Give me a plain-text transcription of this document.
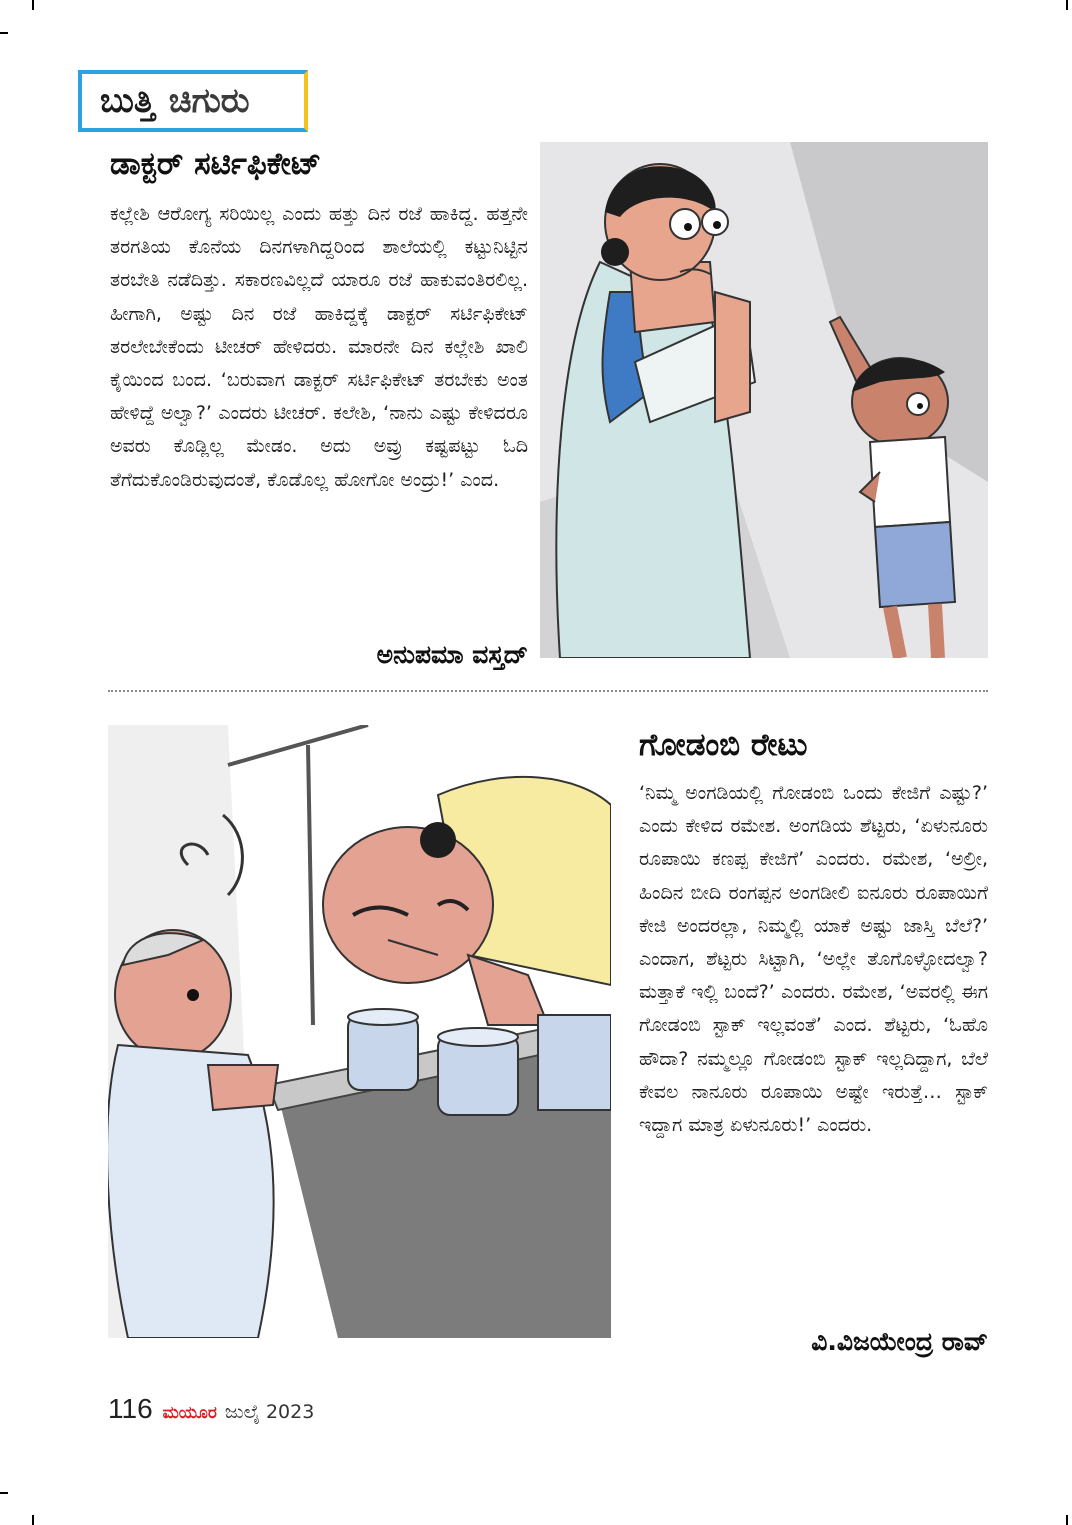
ಬುತ್ತಿ ಚಿಗುರು
ಡಾಕ್ಟರ್ ಸರ್ಟಿಫಿಕೇಟ್

ಕಲ್ಲೇಶಿ ಆರೋಗ್ಯ ಸರಿಯಿಲ್ಲ ಎಂದು ಹತ್ತು ದಿನ ರಜೆ ಹಾಕಿದ್ದ. ಹತ್ತನೇ ತರಗತಿಯ ಕೊನೆಯ ದಿನಗಳಾಗಿದ್ದರಿಂದ ಶಾಲೆಯಲ್ಲಿ ಕಟ್ಟುನಿಟ್ಟಿನ ತರಬೇತಿ ನಡೆದಿತ್ತು. ಸಕಾರಣವಿಲ್ಲದೆ ಯಾರೂ ರಜೆ ಹಾಕುವಂತಿರಲಿಲ್ಲ. ಹೀಗಾಗಿ, ಅಷ್ಟು ದಿನ ರಜೆ ಹಾಕಿದ್ದಕ್ಕೆ ಡಾಕ್ಟರ್ ಸರ್ಟಿಫಿಕೇಟ್ ತರಲೇಬೇಕೆಂದು ಟೀಚರ್ ಹೇಳಿದರು. ಮಾರನೇ ದಿನ ಕಲ್ಲೇಶಿ ಖಾಲಿ ಕೈಯಿಂದ ಬಂದ. ‘ಬರುವಾಗ ಡಾಕ್ಟರ್ ಸರ್ಟಿಫಿಕೇಟ್ ತರಬೇಕು ಅಂತ ಹೇಳಿದ್ದೆ ಅಲ್ವಾ?’ ಎಂದರು ಟೀಚರ್. ಕಲೇಶಿ, ‘ನಾನು ಎಷ್ಟು ಕೇಳಿದರೂ ಅವರು ಕೊಡ್ಲಿಲ್ಲ ಮೇಡಂ. ಅದು ಅವ್ರು ಕಷ್ಟಪಟ್ಟು ಓದಿ ತೆಗೆದುಕೊಂಡಿರುವುದಂತೆ, ಕೊಡೊಲ್ಲ ಹೋಗೋ ಅಂದ್ರು!’ ಎಂದ.

ಅನುಪಮಾ ವಸ್ತದ್
ಗೋಡಂಬಿ ರೇಟು

‘ನಿಮ್ಮ ಅಂಗಡಿಯಲ್ಲಿ ಗೋಡಂಬಿ ಒಂದು ಕೇಜಿಗೆ ಎಷ್ಟು?’ ಎಂದು ಕೇಳಿದ ರಮೇಶ. ಅಂಗಡಿಯ ಶೆಟ್ಟರು, ‘ಏಳುನೂರು ರೂಪಾಯಿ ಕಣಪ್ಪ ಕೇಜಿಗೆ’ ಎಂದರು. ರಮೇಶ, ‘ಅಲ್ರೀ, ಹಿಂದಿನ ಬೀದಿ ರಂಗಪ್ಪನ ಅಂಗಡೀಲಿ ಐನೂರು ರೂಪಾಯಿಗೆ ಕೇಜಿ ಅಂದರಲ್ಲಾ, ನಿಮ್ಮಲ್ಲಿ ಯಾಕೆ ಅಷ್ಟು ಜಾಸ್ತಿ ಬೆಲೆ?’ ಎಂದಾಗ, ಶೆಟ್ಟರು ಸಿಟ್ಟಾಗಿ, ‘ಅಲ್ಲೇ ತೊಗೊಳ್ಳೋದಲ್ವಾ? ಮತ್ತಾಕೆ ಇಲ್ಲಿ ಬಂದೆ?’ ಎಂದರು. ರಮೇಶ, ‘ಅವರಲ್ಲಿ ಈಗ ಗೋಡಂಬಿ ಸ್ಟಾಕ್ ಇಲ್ಲವಂತೆ’ ಎಂದ. ಶೆಟ್ಟರು, ‘ಓಹೊ ಹೌದಾ? ನಮ್ಮಲ್ಲೂ ಗೋಡಂಬಿ ಸ್ಟಾಕ್ ಇಲ್ಲದಿದ್ದಾಗ, ಬೆಲೆ ಕೇವಲ ನಾನೂರು ರೂಪಾಯಿ ಅಷ್ಟೇ ಇರುತ್ತೆ… ಸ್ಟಾಕ್ ಇದ್ದಾಗ ಮಾತ್ರ ಏಳುನೂರು!’ ಎಂದರು.

ವಿ.ವಿಜಯೇಂದ್ರ ರಾವ್
116 ಮಯೂರ ಜುಲೈ 2023
